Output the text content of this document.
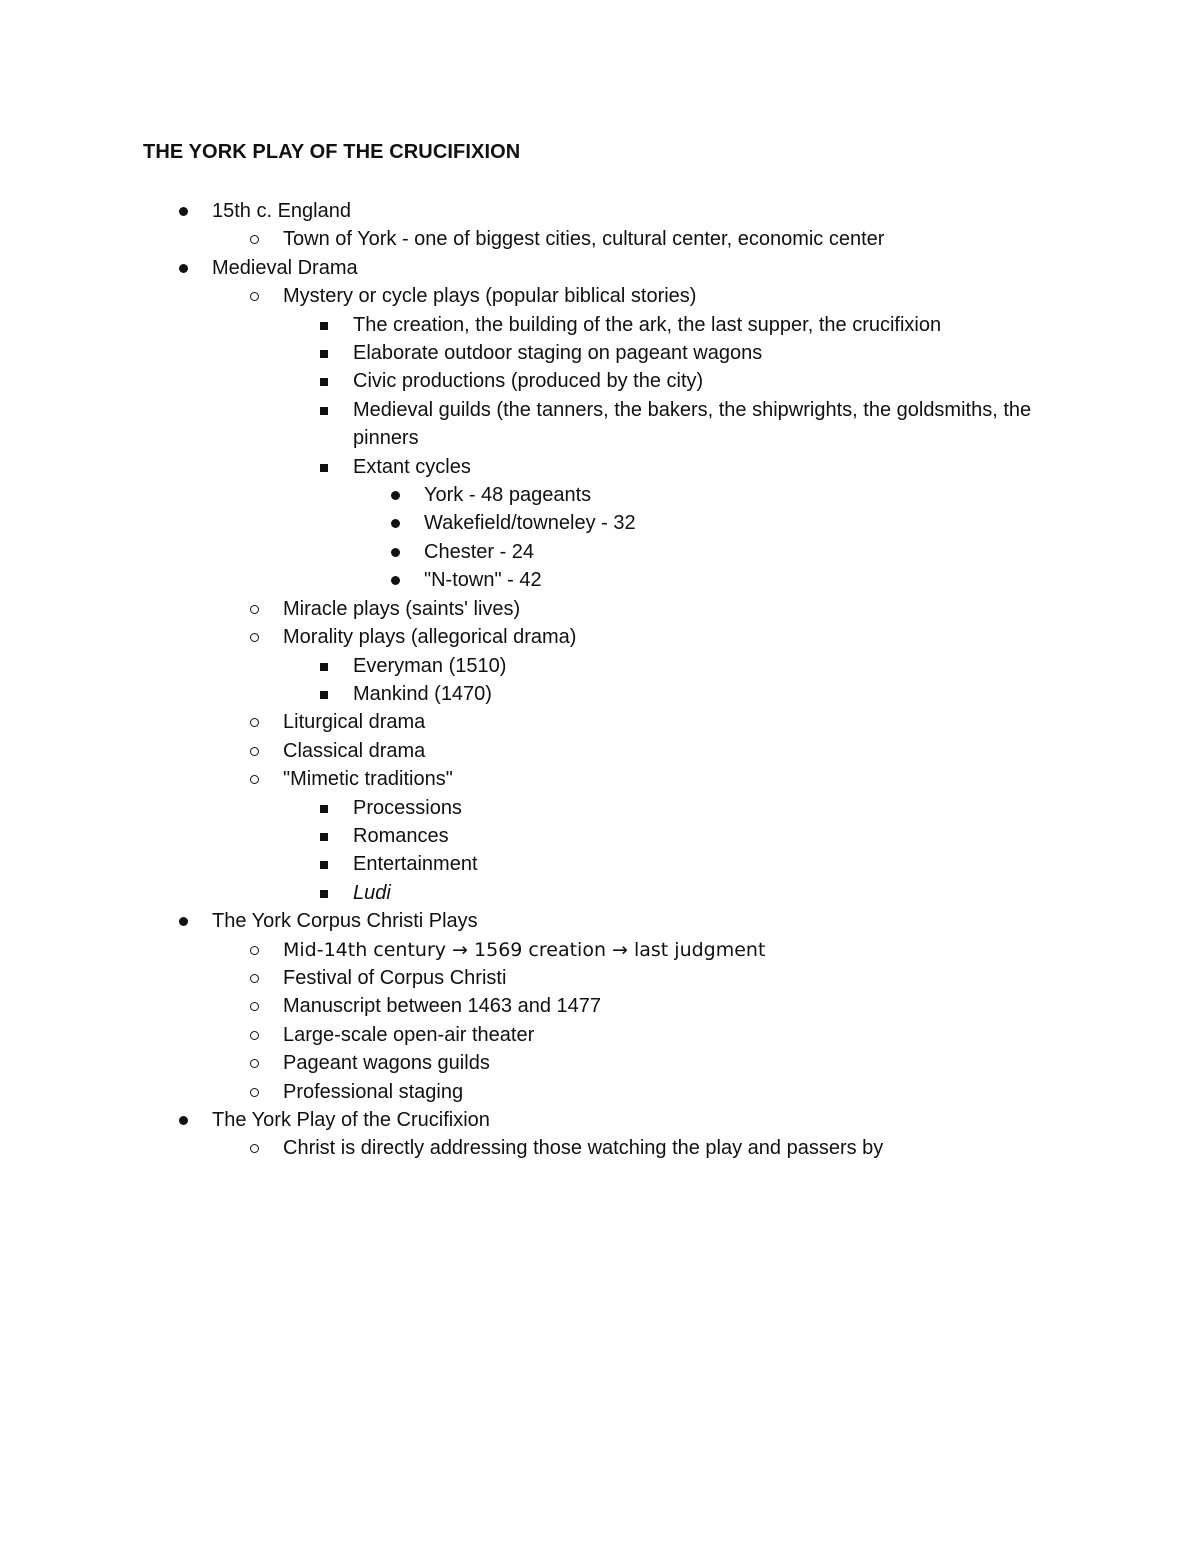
THE YORK PLAY OF THE CRUCIFIXION
15th c. England
Town of York - one of biggest cities, cultural center, economic center
Medieval Drama
Mystery or cycle plays (popular biblical stories)
The creation, the building of the ark, the last supper, the crucifixion
Elaborate outdoor staging on pageant wagons
Civic productions (produced by the city)
Medieval guilds (the tanners, the bakers, the shipwrights, the goldsmiths, the pinners
Extant cycles
York - 48 pageants
Wakefield/towneley - 32
Chester - 24
"N-town" - 42
Miracle plays (saints' lives)
Morality plays (allegorical drama)
Everyman (1510)
Mankind (1470)
Liturgical drama
Classical drama
"Mimetic traditions"
Processions
Romances
Entertainment
Ludi
The York Corpus Christi Plays
Mid-14th century → 1569 creation → last judgment
Festival of Corpus Christi
Manuscript between 1463 and 1477
Large-scale open-air theater
Pageant wagons guilds
Professional staging
The York Play of the Crucifixion
Christ is directly addressing those watching the play and passers by
